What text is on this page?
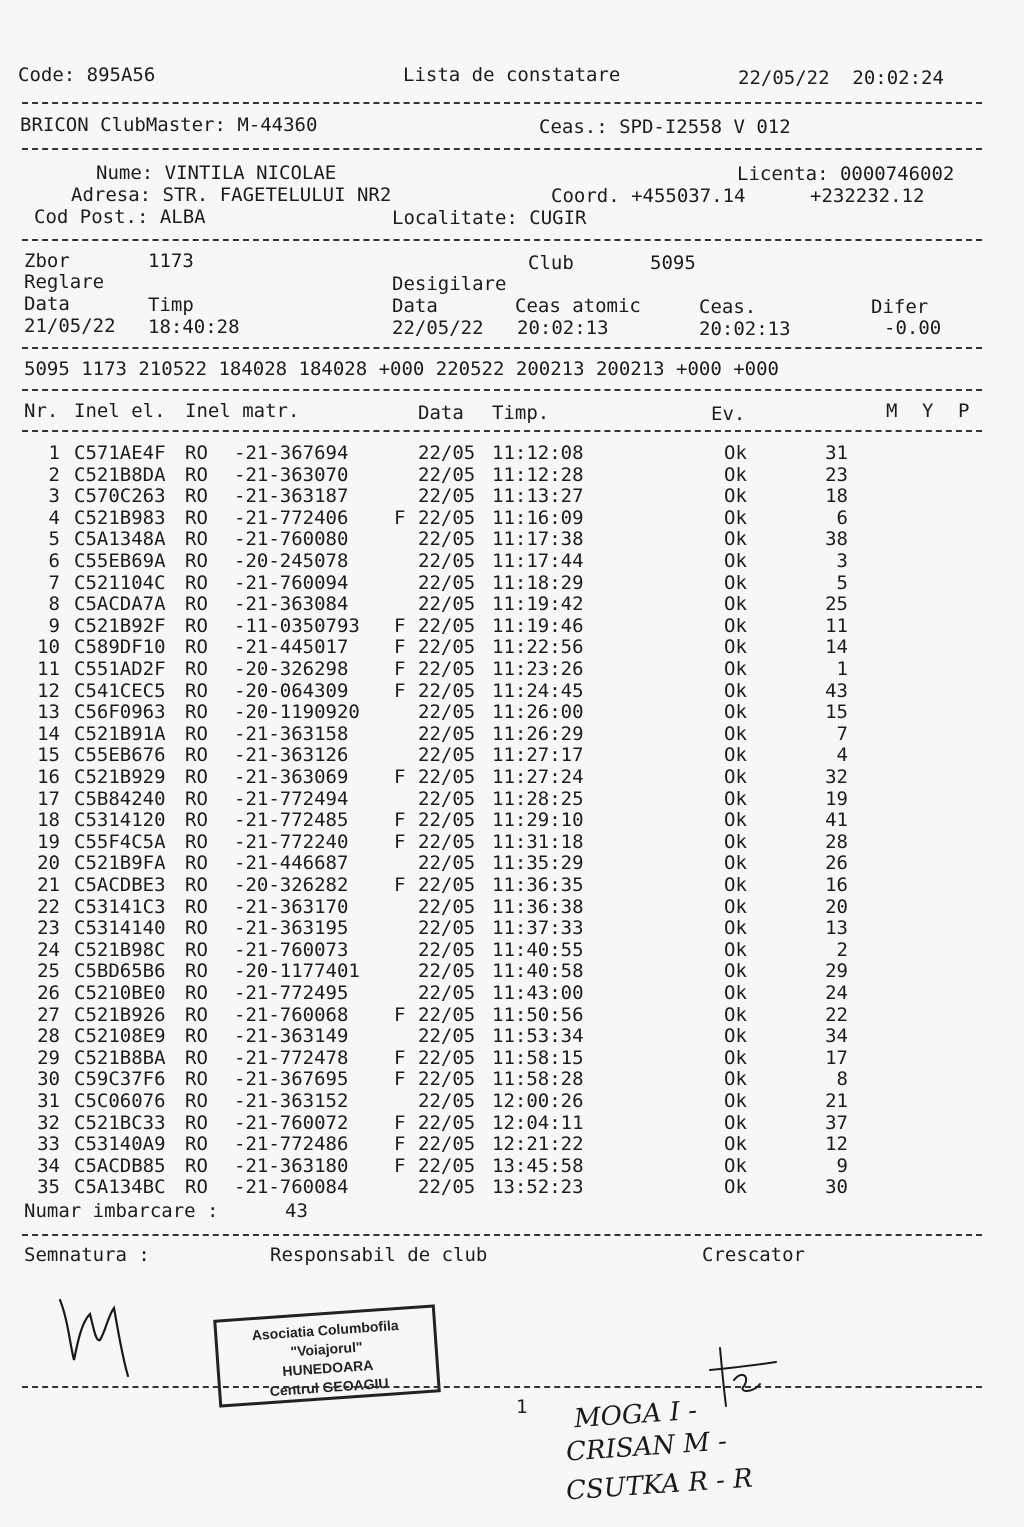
Code: 895A56	Lista de constatare	22/05/22  20:02:24
BRICON ClubMaster: M-44360	Ceas.: SPD-I2558 V 012
Nume: VINTILA NICOLAE	Licenta: 0000746002
Adresa: STR. FAGETELULUI NR2	Coord. +455037.14	+232232.12
Cod Post.: ALBA	Localitate: CUGIR
Zbor	1173	Club	5095
Reglare	Desigilare
Data	Timp	Data	Ceas atomic	Ceas.	Difer
21/05/22 18:40:28	22/05/22 20:02:13	20:02:13	-0.00
5095 1173 210522 184028 184028 +000 220522 200213 200213 +000 +000
Nr. Inel el. Inel matr.	Data Timp.	Ev.	M Y P
1 C571AE4F RO -21-367694	22/05 11:12:08	Ok	31
2 C521B8DA RO -21-363070	22/05 11:12:28	Ok	23
3 C570C263 RO -21-363187	22/05 11:13:27	Ok	18
4 C521B983 RO -21-772406 F 22/05 11:16:09	Ok	6
5 C5A1348A RO -21-760080	22/05 11:17:38	Ok	38
6 C55EB69A RO -20-245078	22/05 11:17:44	Ok	3
7 C521104C RO -21-760094	22/05 11:18:29	Ok	5
8 C5ACDA7A RO -21-363084	22/05 11:19:42	Ok	25
9 C521B92F RO -11-0350793 F 22/05 11:19:46	Ok	11
10 C589DF10 RO -21-445017 F 22/05 11:22:56	Ok	14
11 C551AD2F RO -20-326298 F 22/05 11:23:26	Ok	1
12 C541CEC5 RO -20-064309 F 22/05 11:24:45	Ok	43
13 C56F0963 RO -20-1190920	22/05 11:26:00	Ok	15
14 C521B91A RO -21-363158	22/05 11:26:29	Ok	7
15 C55EB676 RO -21-363126	22/05 11:27:17	Ok	4
16 C521B929 RO -21-363069 F 22/05 11:27:24	Ok	32
17 C5B84240 RO -21-772494	22/05 11:28:25	Ok	19
18 C5314120 RO -21-772485 F 22/05 11:29:10	Ok	41
19 C55F4C5A RO -21-772240 F 22/05 11:31:18	Ok	28
20 C521B9FA RO -21-446687	22/05 11:35:29	Ok	26
21 C5ACDBE3 RO -20-326282 F 22/05 11:36:35	Ok	16
22 C53141C3 RO -21-363170	22/05 11:36:38	Ok	20
23 C5314140 RO -21-363195	22/05 11:37:33	Ok	13
24 C521B98C RO -21-760073	22/05 11:40:55	Ok	2
25 C5BD65B6 RO -20-1177401	22/05 11:40:58	Ok	29
26 C5210BE0 RO -21-772495	22/05 11:43:00	Ok	24
27 C521B926 RO -21-760068 F 22/05 11:50:56	Ok	22
28 C52108E9 RO -21-363149	22/05 11:53:34	Ok	34
29 C521B8BA RO -21-772478 F 22/05 11:58:15	Ok	17
30 C59C37F6 RO -21-367695 F 22/05 11:58:28	Ok	8
31 C5C06076 RO -21-363152	22/05 12:00:26	Ok	21
32 C521BC33 RO -21-760072 F 22/05 12:04:11	Ok	37
33 C53140A9 RO -21-772486 F 22/05 12:21:22	Ok	12
34 C5ACDB85 RO -21-363180 F 22/05 13:45:58	Ok	9
35 C5A134BC RO -21-760084	22/05 13:52:23	Ok	30
Numar imbarcare :	43
Semnatura :	Responsabil de club	Crescator
Asociatia Columbofila
"Voiajorul"
HUNEDOARA
Centrul GEOAGIU
1 MOGA I -
CRISAN M -
CSUTKA R - R
